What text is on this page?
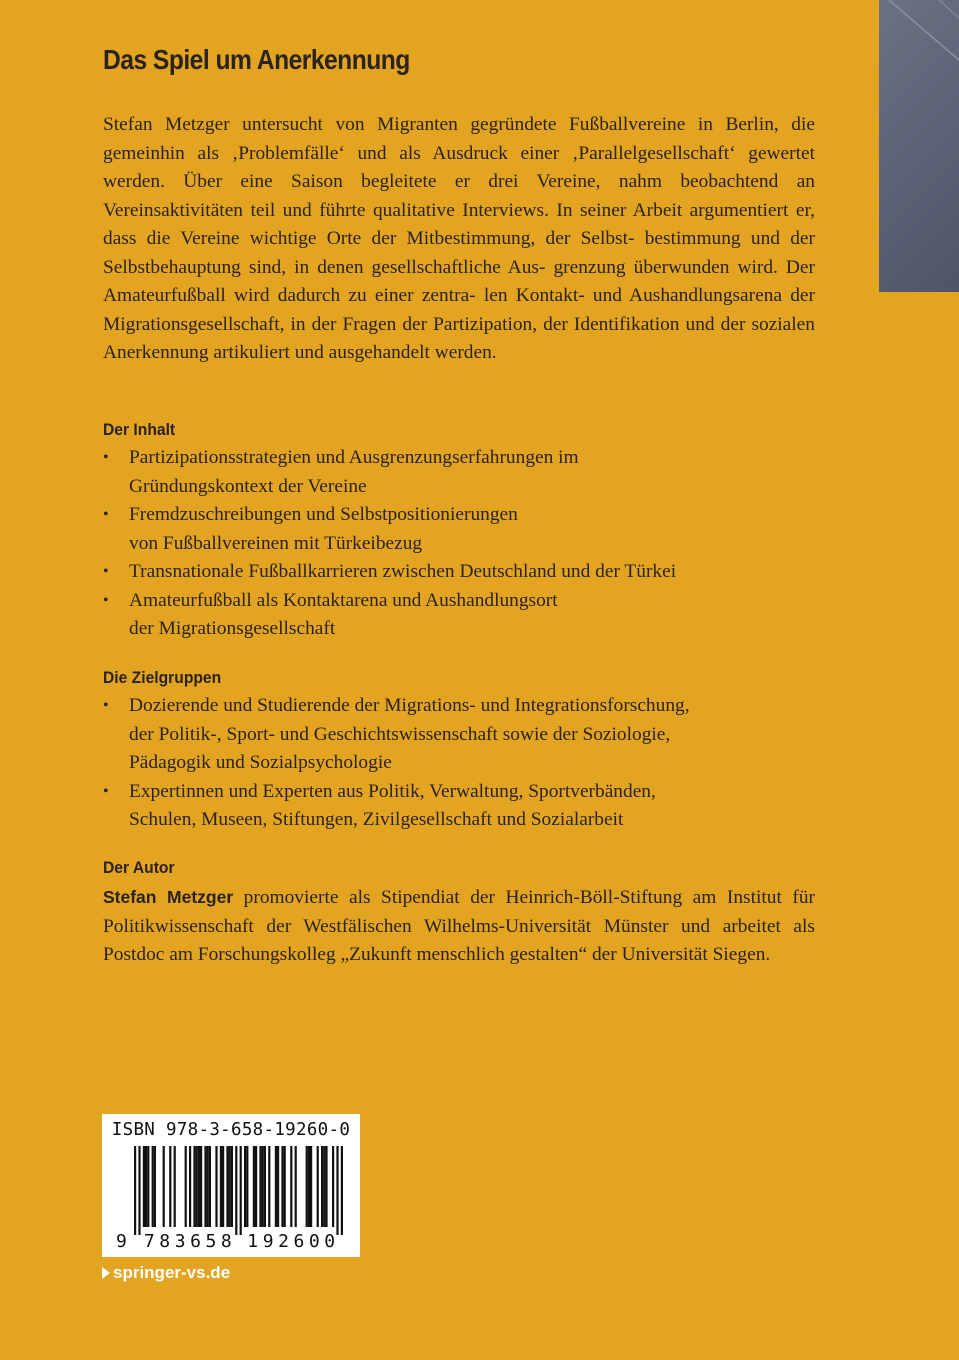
Das Spiel um Anerkennung

Stefan Metzger untersucht von Migranten gegründete Fußballvereine in Berlin, die gemeinhin als ‚Problemfälle‘ und als Ausdruck einer ‚Parallelgesellschaft‘ gewertet werden. Über eine Saison begleitete er drei Vereine, nahm beobachtend an Vereinsaktivitäten teil und führte qualitative Interviews. In seiner Arbeit argumentiert er, dass die Vereine wichtige Orte der Mitbestimmung, der Selbst- bestimmung und der Selbstbehauptung sind, in denen gesellschaftliche Aus- grenzung überwunden wird. Der Amateurfußball wird dadurch zu einer zentra- len Kontakt- und Aushandlungsarena der Migrationsgesellschaft, in der Fragen der Partizipation, der Identifikation und der sozialen Anerkennung artikuliert und ausgehandelt werden.

Der Inhalt
• Partizipationsstrategien und Ausgrenzungserfahrungen im
Gründungskontext der Vereine
• Fremdzuschreibungen und Selbstpositionierungen
von Fußballvereinen mit Türkeibezug
• Transnationale Fußballkarrieren zwischen Deutschland und der Türkei
• Amateurfußball als Kontaktarena und Aushandlungsort
der Migrationsgesellschaft
Die Zielgruppen
• Dozierende und Studierende der Migrations- und Integrationsforschung,
der Politik-, Sport- und Geschichtswissenschaft sowie der Soziologie,
Pädagogik und Sozialpsychologie
• Expertinnen und Experten aus Politik, Verwaltung, Sportverbänden,
Schulen, Museen, Stiftungen, Zivilgesellschaft und Sozialarbeit
Der Autor

Stefan Metzger promovierte als Stipendiat der Heinrich-Böll-Stiftung am Institut für Politikwissenschaft der Westfälischen Wilhelms-Universität Münster und arbeitet als Postdoc am Forschungskolleg „Zukunft menschlich gestalten“ der Universität Siegen.

ISBN 978-3-658-19260-0
9 7 8 3 6 5 8 1 9 2 6 0 0
springer-vs.de
